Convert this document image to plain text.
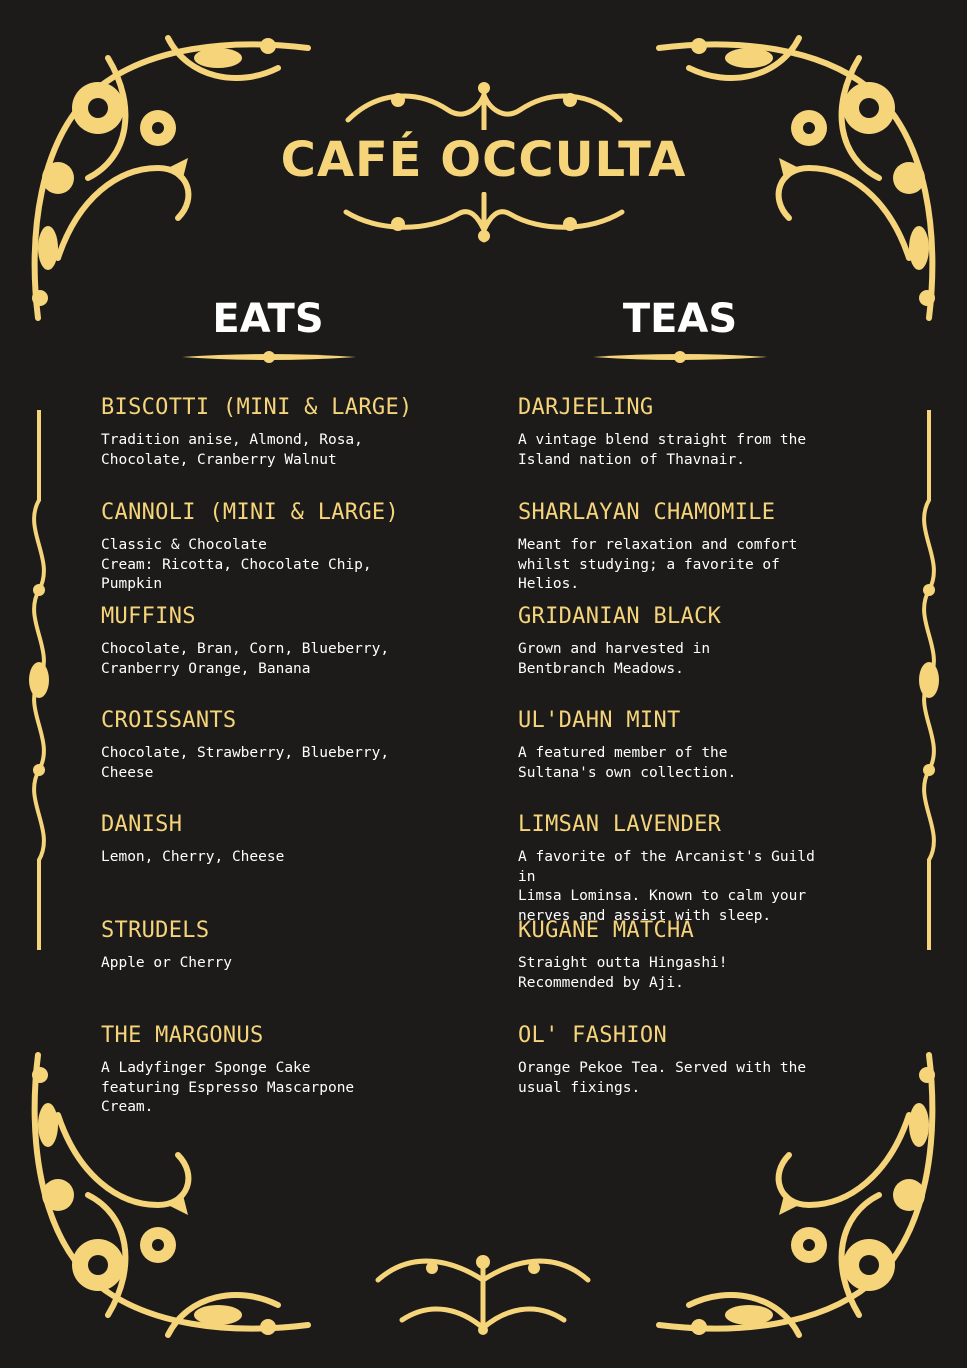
CAFÉ OCCULTA
EATS	TEAS
BISCOTTI (MINI & LARGE)
Tradition anise, Almond, Rosa,
Chocolate, Cranberry Walnut
CANNOLI (MINI & LARGE)
Classic & Chocolate
Cream: Ricotta, Chocolate Chip,
Pumpkin
MUFFINS
Chocolate, Bran, Corn, Blueberry,
Cranberry Orange, Banana
CROISSANTS
Chocolate, Strawberry, Blueberry,
Cheese
DANISH
Lemon, Cherry, Cheese
STRUDELS
Apple or Cherry
THE MARGONUS
A Ladyfinger Sponge Cake
featuring Espresso Mascarpone
Cream.
DARJEELING
A vintage blend straight from the
Island nation of Thavnair.
SHARLAYAN CHAMOMILE
Meant for relaxation and comfort
whilst studying; a favorite of
Helios.
GRIDANIAN BLACK
Grown and harvested in
Bentbranch Meadows.
UL'DAHN MINT
A featured member of the
Sultana's own collection.
LIMSAN LAVENDER
A favorite of the Arcanist's Guild in
Limsa Lominsa. Known to calm your
nerves and assist with sleep.
KUGANE MATCHA
Straight outta Hingashi!
Recommended by Aji.
OL' FASHION
Orange Pekoe Tea. Served with the
usual fixings.
